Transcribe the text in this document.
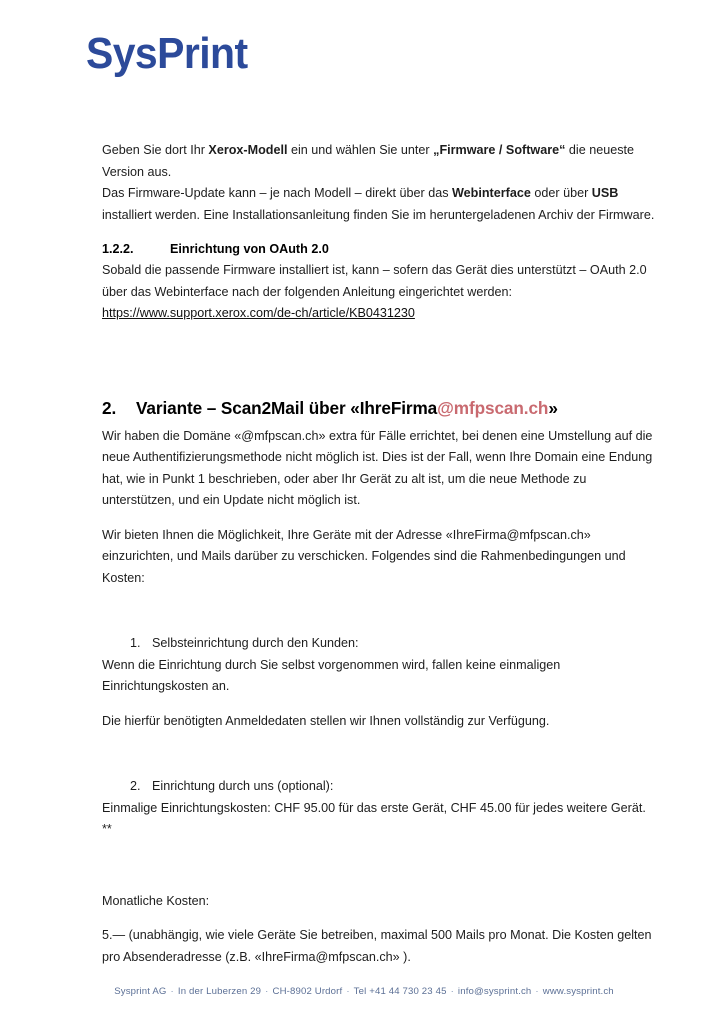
SysPrint

Geben Sie dort Ihr Xerox-Modell ein und wählen Sie unter „Firmware / Software“ die neueste Version aus.

Das Firmware-Update kann – je nach Modell – direkt über das Webinterface oder über USB installiert werden. Eine Installationsanleitung finden Sie im heruntergeladenen Archiv der Firmware.

1.2.2.	Einrichtung von OAuth 2.0

Sobald die passende Firmware installiert ist, kann – sofern das Gerät dies unterstützt – OAuth 2.0 über das Webinterface nach der folgenden Anleitung eingerichtet werden:

https://www.support.xerox.com/de-ch/article/KB0431230
2. Variante – Scan2Mail über «IhreFirma@mfpscan.ch»

Wir haben die Domäne «@mfpscan.ch» extra für Fälle errichtet, bei denen eine Umstellung auf die neue Authentifizierungsmethode nicht möglich ist. Dies ist der Fall, wenn Ihre Domain eine Endung hat, wie in Punkt 1 beschrieben, oder aber Ihr Gerät zu alt ist, um die neue Methode zu unterstützen, und ein Update nicht möglich ist.

Wir bieten Ihnen die Möglichkeit, Ihre Geräte mit der Adresse «IhreFirma@mfpscan.ch» einzurichten, und Mails darüber zu verschicken. Folgendes sind die Rahmenbedingungen und Kosten:

1. Selbsteinrichtung durch den Kunden:

Wenn die Einrichtung durch Sie selbst vorgenommen wird, fallen keine einmaligen Einrichtungskosten an.

Die hierfür benötigten Anmeldedaten stellen wir Ihnen vollständig zur Verfügung.

2. Einrichtung durch uns (optional):

Einmalige Einrichtungskosten: CHF 95.00 für das erste Gerät, CHF 45.00 für jedes weitere Gerät. **

Monatliche Kosten:

5.— (unabhängig, wie viele Geräte Sie betreiben, maximal 500 Mails pro Monat. Die Kosten gelten pro Absenderadresse (z.B. «IhreFirma@mfpscan.ch» ).

Sysprint AG · In der Luberzen 29 · CH-8902 Urdorf · Tel +41 44 730 23 45 · info@sysprint.ch · www.sysprint.ch
